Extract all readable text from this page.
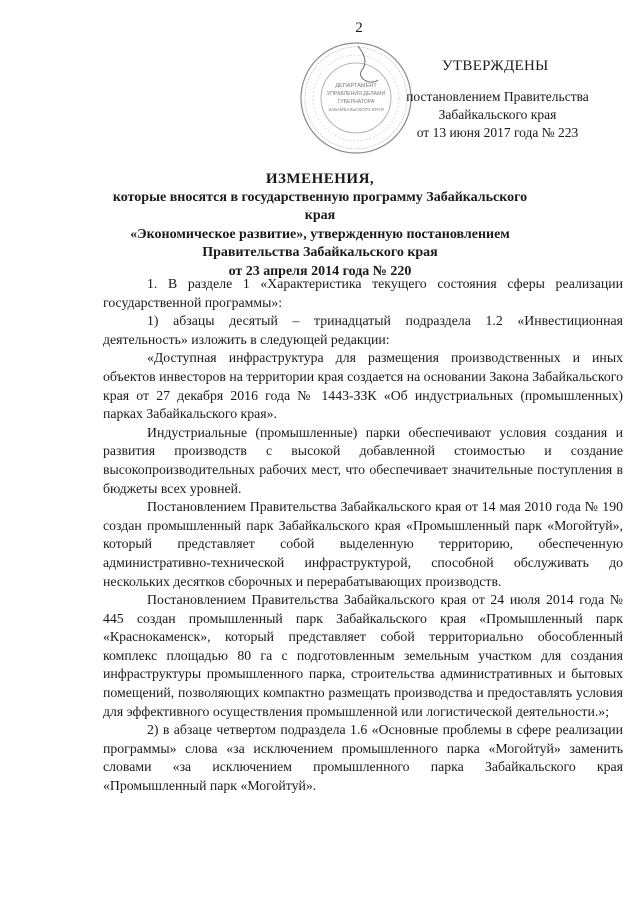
2
ДЕПАРТАМЕНТ
УПРАВЛЕНИЯ ДЕЛАМИ
ГУБЕРНАТОРА
ЗАБАЙКАЛЬСКОГО КРАЯ
УТВЕРЖДЕНЫ
постановлением Правительства
Забайкальского края
от 13 июня 2017 года № 223
ИЗМЕНЕНИЯ,
которые вносятся в государственную программу Забайкальского края
«Экономическое развитие», утвержденную постановлением
Правительства Забайкальского края
от 23 апреля 2014 года № 220

1. В разделе 1 «Характеристика текущего состояния сферы реализации государственной программы»:

1) абзацы десятый – тринадцатый подраздела 1.2 «Инвестиционная деятельность» изложить в следующей редакции:

«Доступная инфраструктура для размещения производственных и иных объектов инвесторов на территории края создается на основании Закона Забайкальского края от 27 декабря 2016 года № 1443-ЗЗК «Об индустриальных (промышленных) парках Забайкальского края».

Индустриальные (промышленные) парки обеспечивают условия создания и развития производств с высокой добавленной стоимостью и создание высокопроизводительных рабочих мест, что обеспечивает значительные поступления в бюджеты всех уровней.

Постановлением Правительства Забайкальского края от 14 мая 2010 года № 190 создан промышленный парк Забайкальского края «Промышленный парк «Могойтуй», который представляет собой выделенную территорию, обеспеченную административно-технической инфраструктурой, способной обслуживать до нескольких десятков сборочных и перерабатывающих производств.

Постановлением Правительства Забайкальского края от 24 июля 2014 года № 445 создан промышленный парк Забайкальского края «Промышленный парк «Краснокаменск», который представляет собой территориально обособленный комплекс площадью 80 га с подготовленным земельным участком для создания инфраструктуры промышленного парка, строительства административных и бытовых помещений, позволяющих компактно размещать производства и предоставлять условия для эффективного осуществления промышленной или логистической деятельности.»;

2) в абзаце четвертом подраздела 1.6 «Основные проблемы в сфере реализации программы» слова «за исключением промышленного парка «Могойтуй» заменить словами «за исключением промышленного парка Забайкальского края «Промышленный парк «Могойтуй».
